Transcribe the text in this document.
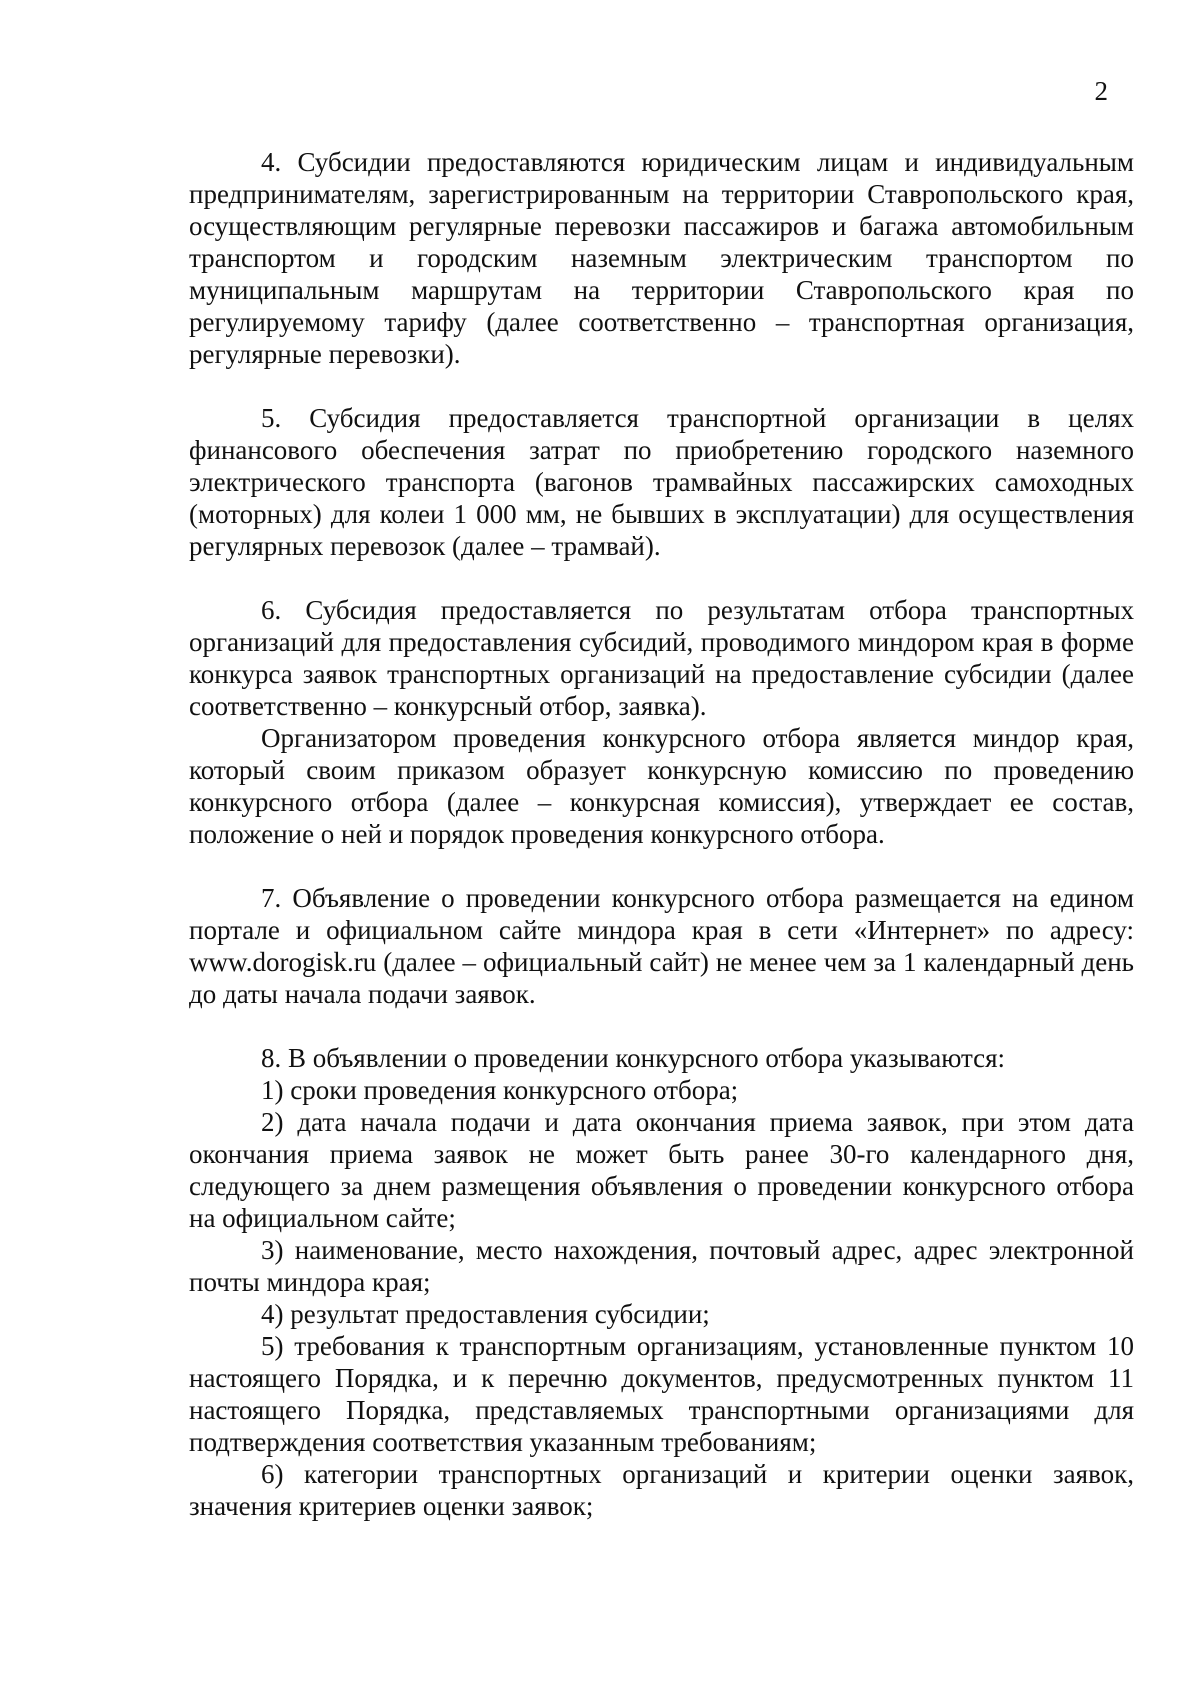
2

4. Субсидии предоставляются юридическим лицам и индивидуальным предпринимателям, зарегистрированным на территории Ставропольского края, осуществляющим регулярные перевозки пассажиров и багажа автомобильным транспортом и городским наземным электрическим транспортом по муниципальным маршрутам на территории Ставропольского края по регулируемому тарифу (далее соответственно – транспортная организация, регулярные перевозки).

5. Субсидия предоставляется транспортной организации в целях финансового обеспечения затрат по приобретению городского наземного электрического транспорта (вагонов трамвайных пассажирских самоходных (моторных) для колеи 1 000 мм, не бывших в эксплуатации) для осуществления регулярных перевозок (далее – трамвай).

6. Субсидия предоставляется по результатам отбора транспортных организаций для предоставления субсидий, проводимого миндором края в форме конкурса заявок транспортных организаций на предоставление субсидии (далее соответственно – конкурсный отбор, заявка).

Организатором проведения конкурсного отбора является миндор края, который своим приказом образует конкурсную комиссию по проведению конкурсного отбора (далее – конкурсная комиссия), утверждает ее состав, положение о ней и порядок проведения конкурсного отбора.

7. Объявление о проведении конкурсного отбора размещается на едином портале и официальном сайте миндора края в сети «Интернет» по адресу: www.dorogisk.ru (далее – официальный сайт) не менее чем за 1 календарный день до даты начала подачи заявок.

8. В объявлении о проведении конкурсного отбора указываются:

1) сроки проведения конкурсного отбора;

2) дата начала подачи и дата окончания приема заявок, при этом дата окончания приема заявок не может быть ранее 30-го календарного дня, следующего за днем размещения объявления о проведении конкурсного отбора на официальном сайте;

3) наименование, место нахождения, почтовый адрес, адрес электронной почты миндора края;

4) результат предоставления субсидии;

5) требования к транспортным организациям, установленные пунктом 10 настоящего Порядка, и к перечню документов, предусмотренных пунктом 11 настоящего Порядка, представляемых транспортными организациями для подтверждения соответствия указанным требованиям;

6) категории транспортных организаций и критерии оценки заявок, значения критериев оценки заявок;
